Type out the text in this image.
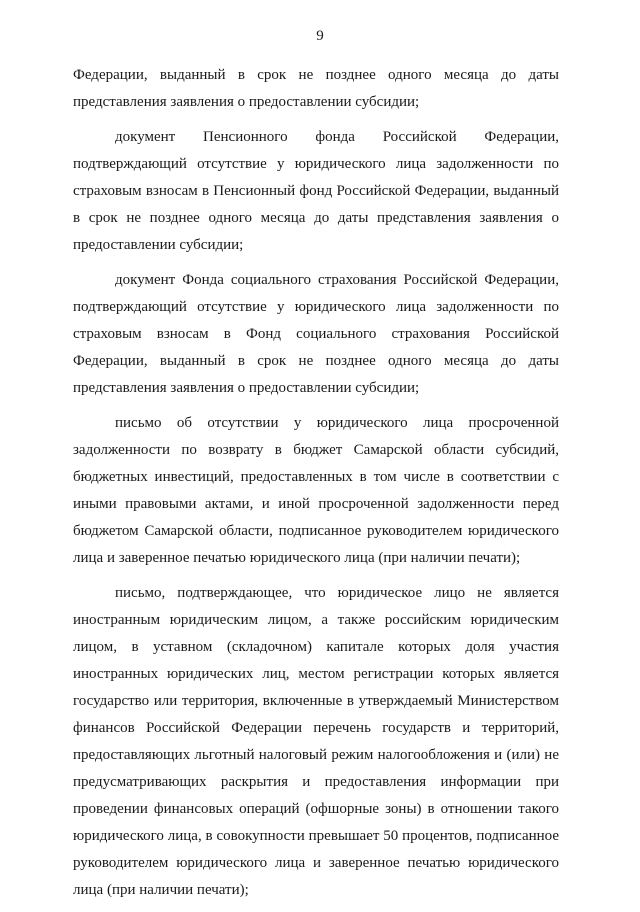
9

Федерации, выданный в срок не позднее одного месяца до даты представления заявления о предоставлении субсидии;

документ Пенсионного фонда Российской Федерации, подтверждающий отсутствие у юридического лица задолженности по страховым взносам в Пенсионный фонд Российской Федерации, выданный в срок не позднее одного месяца до даты представления заявления о предоставлении субсидии;

документ Фонда социального страхования Российской Федерации, подтверждающий отсутствие у юридического лица задолженности по страховым взносам в Фонд социального страхования Российской Федерации, выданный в срок не позднее одного месяца до даты представления заявления о предоставлении субсидии;

письмо об отсутствии у юридического лица просроченной задолженности по возврату в бюджет Самарской области субсидий, бюджетных инвестиций, предоставленных в том числе в соответствии с иными правовыми актами, и иной просроченной задолженности перед бюджетом Самарской области, подписанное руководителем юридического лица и заверенное печатью юридического лица (при наличии печати);

письмо, подтверждающее, что юридическое лицо не является иностранным юридическим лицом, а также российским юридическим лицом, в уставном (складочном) капитале которых доля участия иностранных юридических лиц, местом регистрации которых является государство или территория, включенные в утверждаемый Министерством финансов Российской Федерации перечень государств и территорий, предоставляющих льготный налоговый режим налогообложения и (или) не предусматривающих раскрытия и предоставления информации при проведении финансовых операций (офшорные зоны) в отношении такого юридического лица, в совокупности превышает 50 процентов, подписанное руководителем юридического лица и заверенное печатью юридического лица (при наличии печати);
